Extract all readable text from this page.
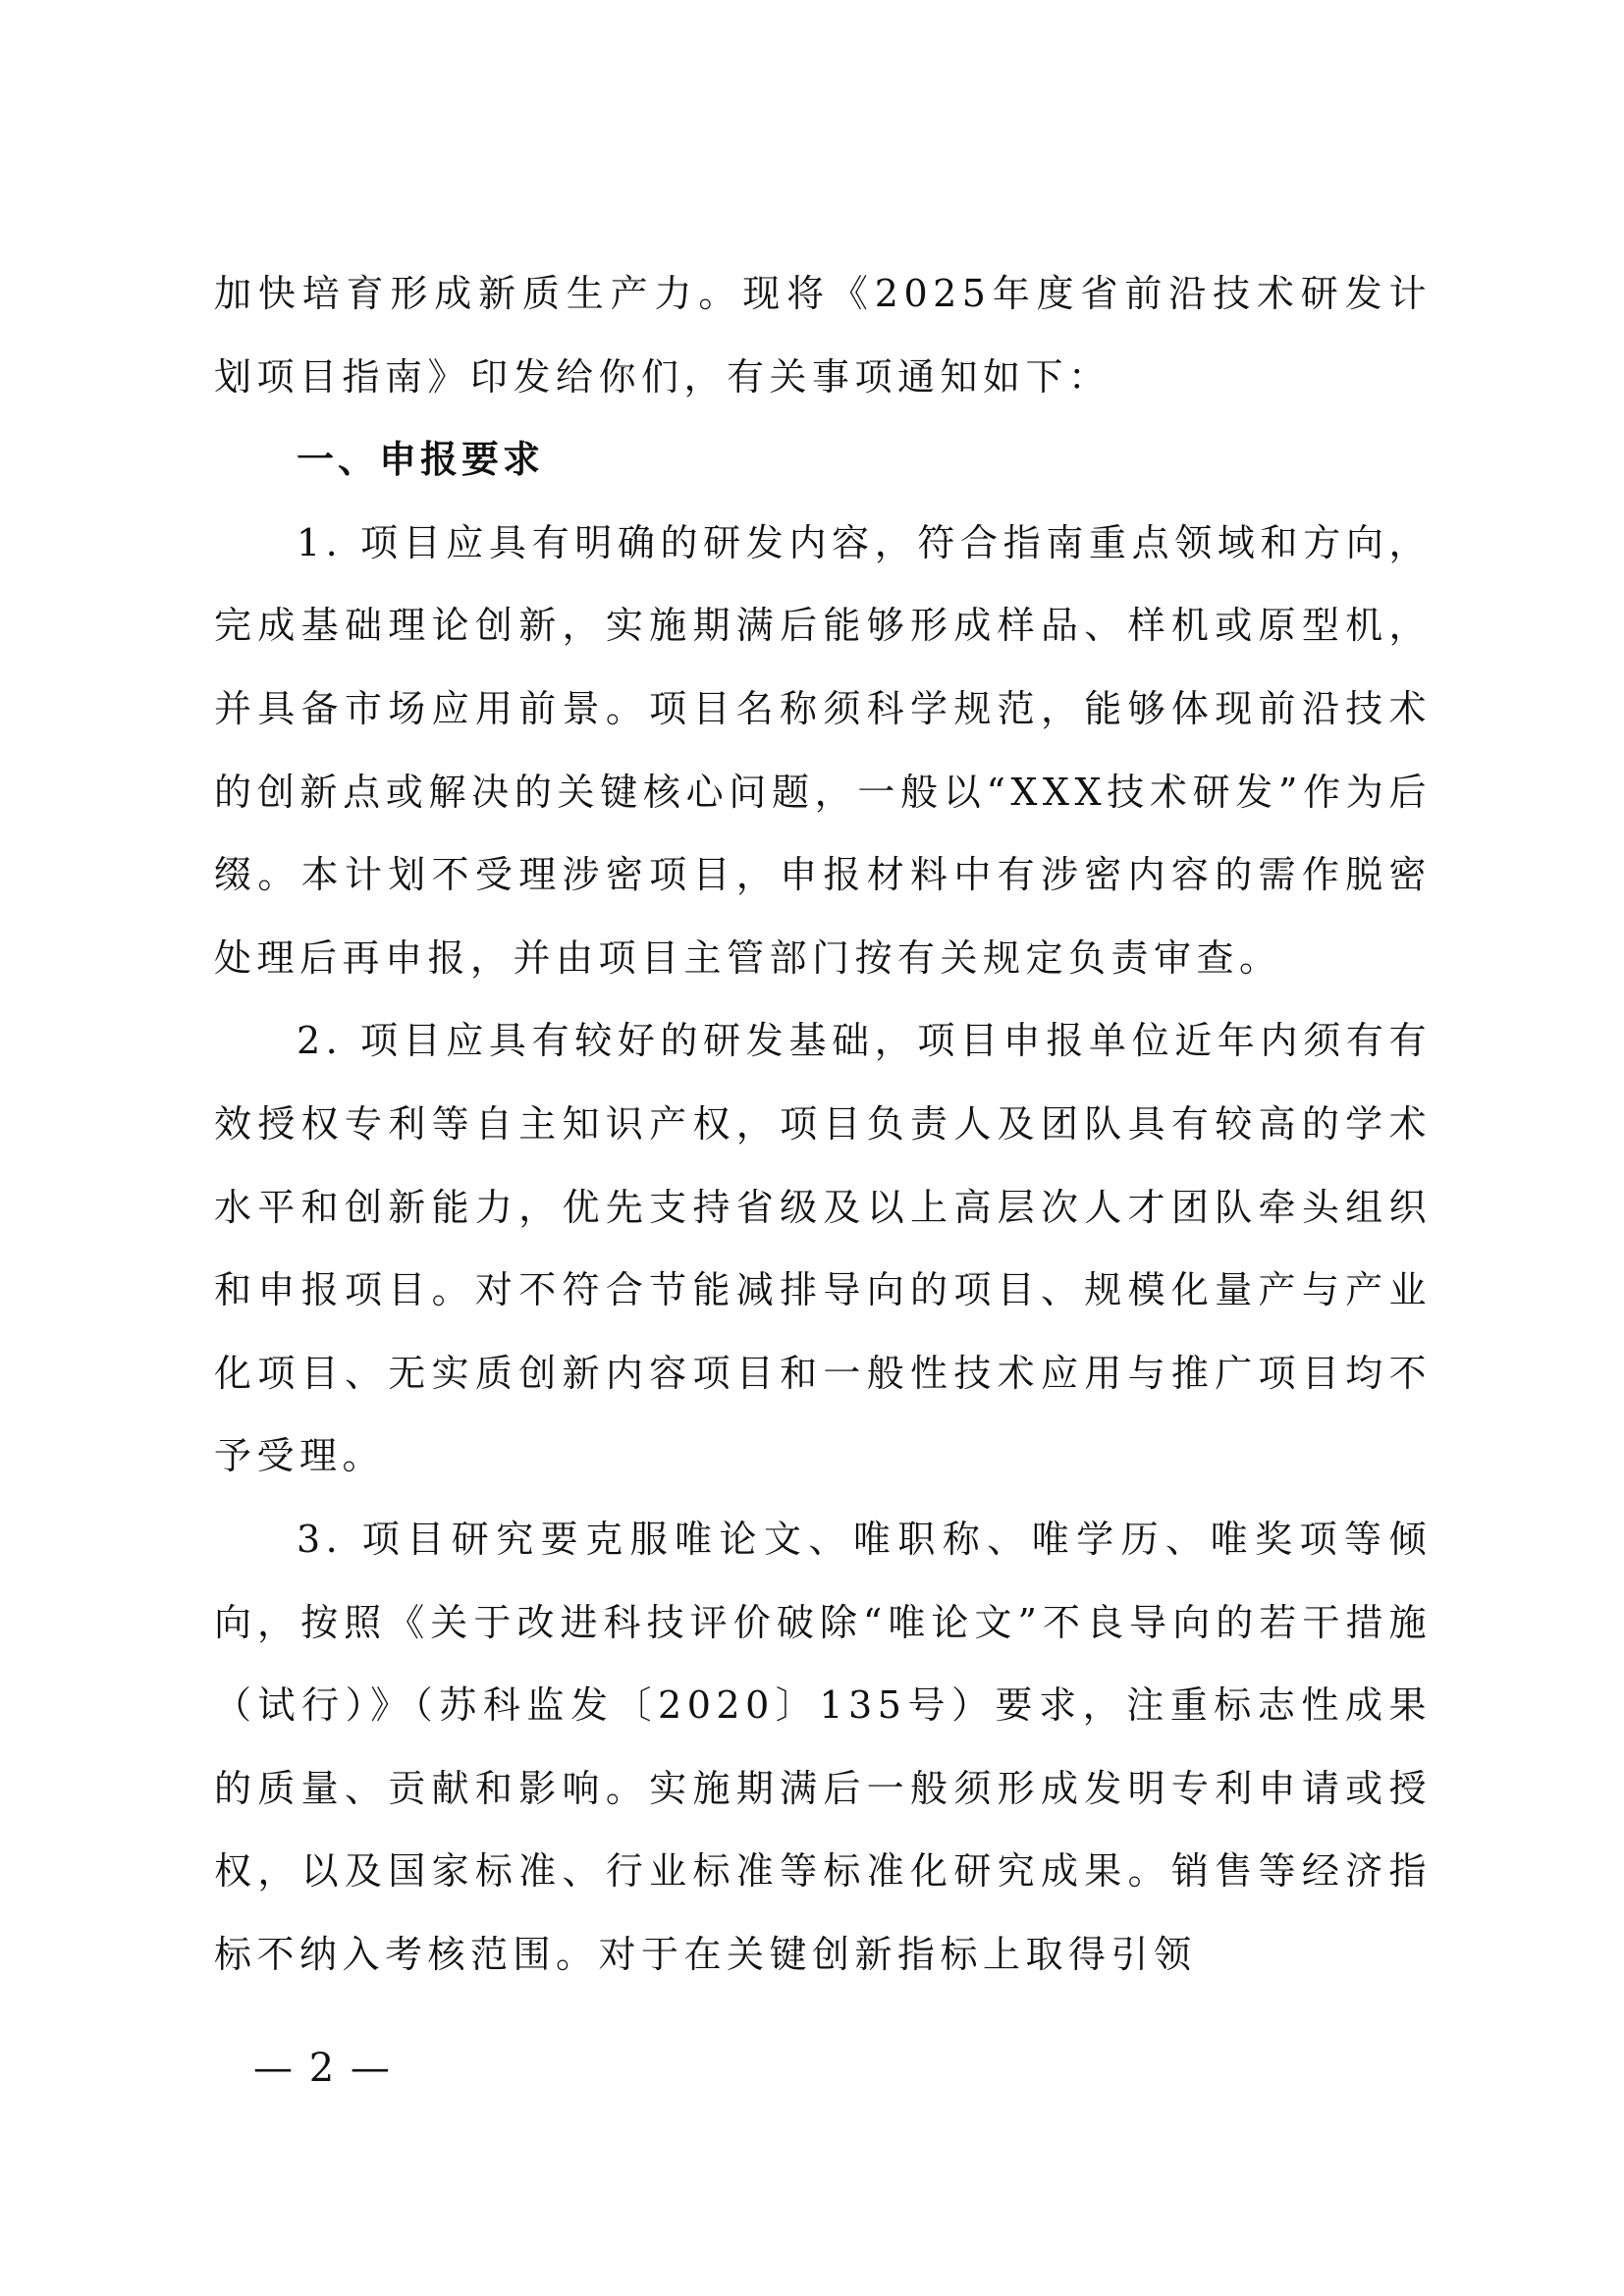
加快培育形成新质生产力。现将《2025年度省前沿技术研发计划项目指南》印发给你们，有关事项通知如下：

一、申报要求

1. 项目应具有明确的研发内容，符合指南重点领域和方向，完成基础理论创新，实施期满后能够形成样品、样机或原型机，并具备市场应用前景。项目名称须科学规范，能够体现前沿技术的创新点或解决的关键核心问题，一般以“XXX技术研发”作为后缀。本计划不受理涉密项目，申报材料中有涉密内容的需作脱密处理后再申报，并由项目主管部门按有关规定负责审查。

2. 项目应具有较好的研发基础，项目申报单位近年内须有有效授权专利等自主知识产权，项目负责人及团队具有较高的学术水平和创新能力，优先支持省级及以上高层次人才团队牵头组织和申报项目。对不符合节能减排导向的项目、规模化量产与产业化项目、无实质创新内容项目和一般性技术应用与推广项目均不予受理。

3. 项目研究要克服唯论文、唯职称、唯学历、唯奖项等倾向，按照《关于改进科技评价破除“唯论文”不良导向的若干措施（试行）》（苏科监发〔2020〕135号）要求，注重标志性成果的质量、贡献和影响。实施期满后一般须形成发明专利申请或授权，以及国家标准、行业标准等标准化研究成果。销售等经济指标不纳入考核范围。对于在关键创新指标上取得引领

— 2 —
